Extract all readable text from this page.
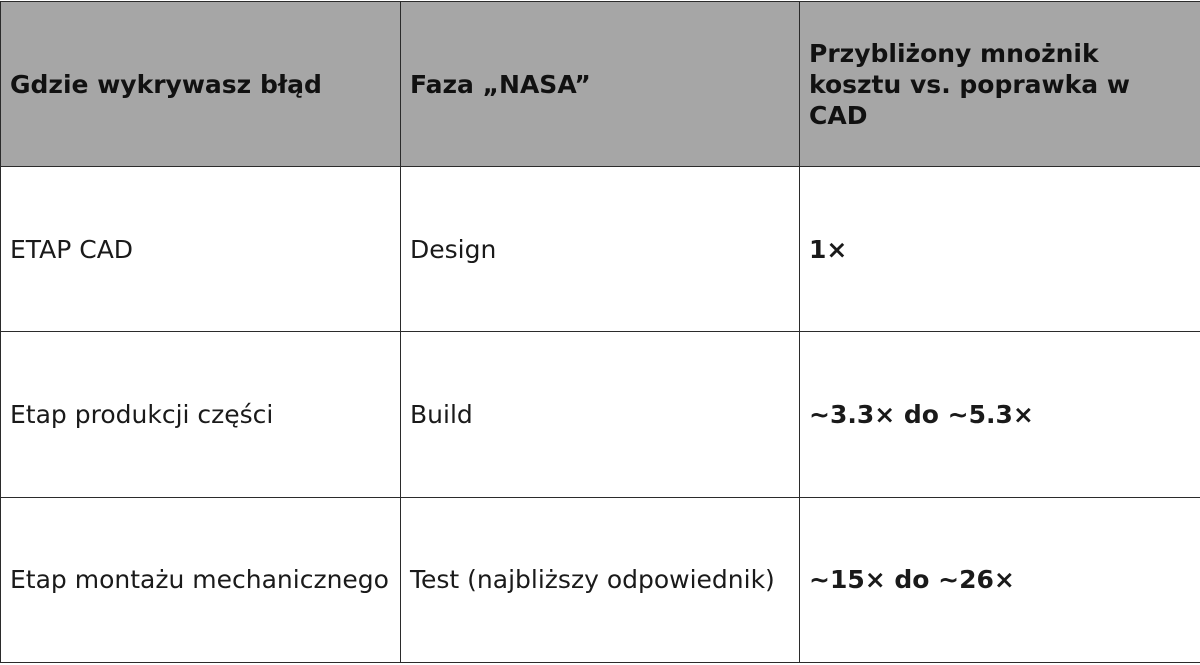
Gdzie wykrywasz błąd	Faza „NASA”	Przybliżony mnożnik kosztu vs. poprawka w CAD
ETAP CAD	Design	1×
Etap produkcji części	Build	~3.3× do ~5.3×
Etap montażu mechanicznego	Test (najbliższy odpowiednik)	~15× do ~26×
